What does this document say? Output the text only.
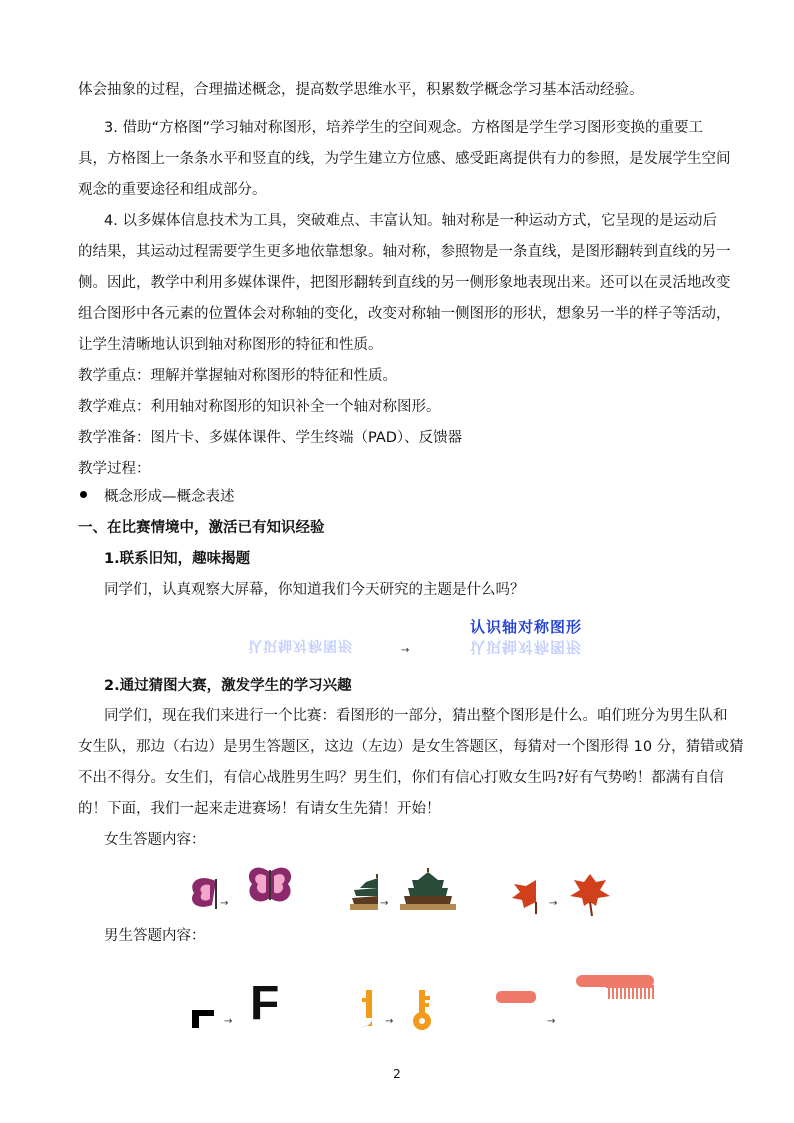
体会抽象的过程，合理描述概念，提高数学思维水平，积累数学概念学习基本活动经验。
3. 借助“方格图”学习轴对称图形，培养学生的空间观念。方格图是学生学习图形变换的重要工
具，方格图上一条条水平和竖直的线，为学生建立方位感、感受距离提供有力的参照，是发展学生空间
观念的重要途径和组成部分。
4. 以多媒体信息技术为工具，突破难点、丰富认知。轴对称是一种运动方式，它呈现的是运动后
的结果，其运动过程需要学生更多地依靠想象。轴对称，参照物是一条直线，是图形翻转到直线的另一
侧。因此，教学中利用多媒体课件，把图形翻转到直线的另一侧形象地表现出来。还可以在灵活地改变
组合图形中各元素的位置体会对称轴的变化，改变对称轴一侧图形的形状，想象另一半的样子等活动，
让学生清晰地认识到轴对称图形的特征和性质。
教学重点：理解并掌握轴对称图形的特征和性质。
教学难点：利用轴对称图形的知识补全一个轴对称图形。
教学准备：图片卡、多媒体课件、学生终端（PAD）、反馈器
教学过程：
概念形成—概念表述
一、在比赛情境中，激活已有知识经验
1.联系旧知，趣味揭题
同学们，认真观察大屏幕，你知道我们今天研究的主题是什么吗？
认识轴对称图形	→
认识轴对称图形
认识轴对称图形
2.通过猜图大赛，激发学生的学习兴趣
同学们，现在我们来进行一个比赛：看图形的一部分，猜出整个图形是什么。咱们班分为男生队和
女生队，那边（右边）是男生答题区，这边（左边）是女生答题区，每猜对一个图形得 10 分，猜错或猜
不出不得分。女生们，有信心战胜男生吗？男生们，你们有信心打败女生吗?好有气势哟！都满有自信
的！下面，我们一起来走进赛场！有请女生先猜！开始！
女生答题内容：
→	→	→
男生答题内容：
→ F	→	→
2
